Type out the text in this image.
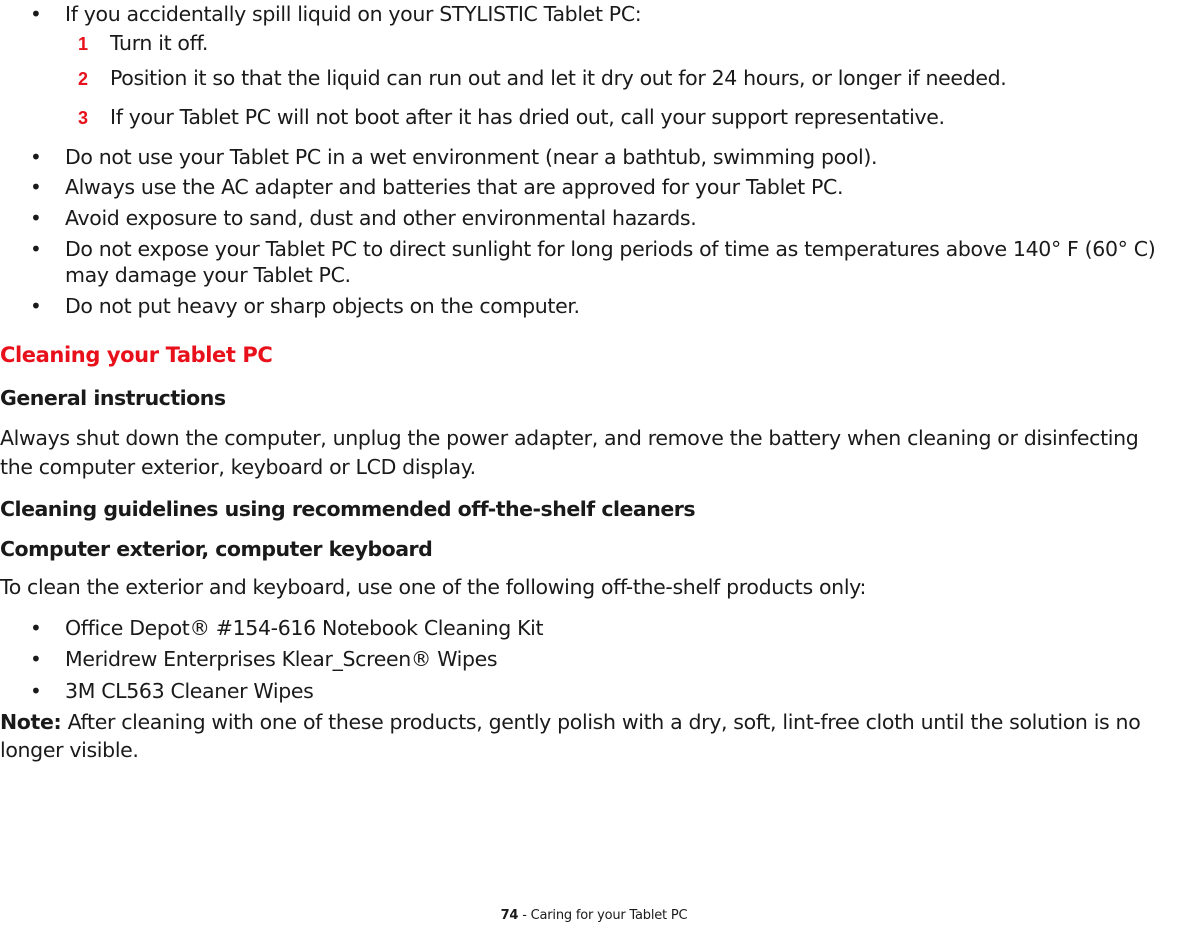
• If you accidentally spill liquid on your STYLISTIC Tablet PC:
1 Turn it off.
2 Position it so that the liquid can run out and let it dry out for 24 hours, or longer if needed.
3 If your Tablet PC will not boot after it has dried out, call your support representative.
• Do not use your Tablet PC in a wet environment (near a bathtub, swimming pool).
• Always use the AC adapter and batteries that are approved for your Tablet PC.
• Avoid exposure to sand, dust and other environmental hazards.
• Do not expose your Tablet PC to direct sunlight for long periods of time as temperatures above 140° F (60° C)
may damage your Tablet PC.
• Do not put heavy or sharp objects on the computer.
Cleaning your Tablet PC
General instructions
Always shut down the computer, unplug the power adapter, and remove the battery when cleaning or disinfecting
the computer exterior, keyboard or LCD display.
Cleaning guidelines using recommended off-the-shelf cleaners
Computer exterior, computer keyboard
To clean the exterior and keyboard, use one of the following off-the-shelf products only:
• Office Depot® #154-616 Notebook Cleaning Kit
• Meridrew Enterprises Klear_Screen® Wipes
• 3M CL563 Cleaner Wipes
Note: After cleaning with one of these products, gently polish with a dry, soft, lint-free cloth until the solution is no
longer visible.
74 - Caring for your Tablet PC
